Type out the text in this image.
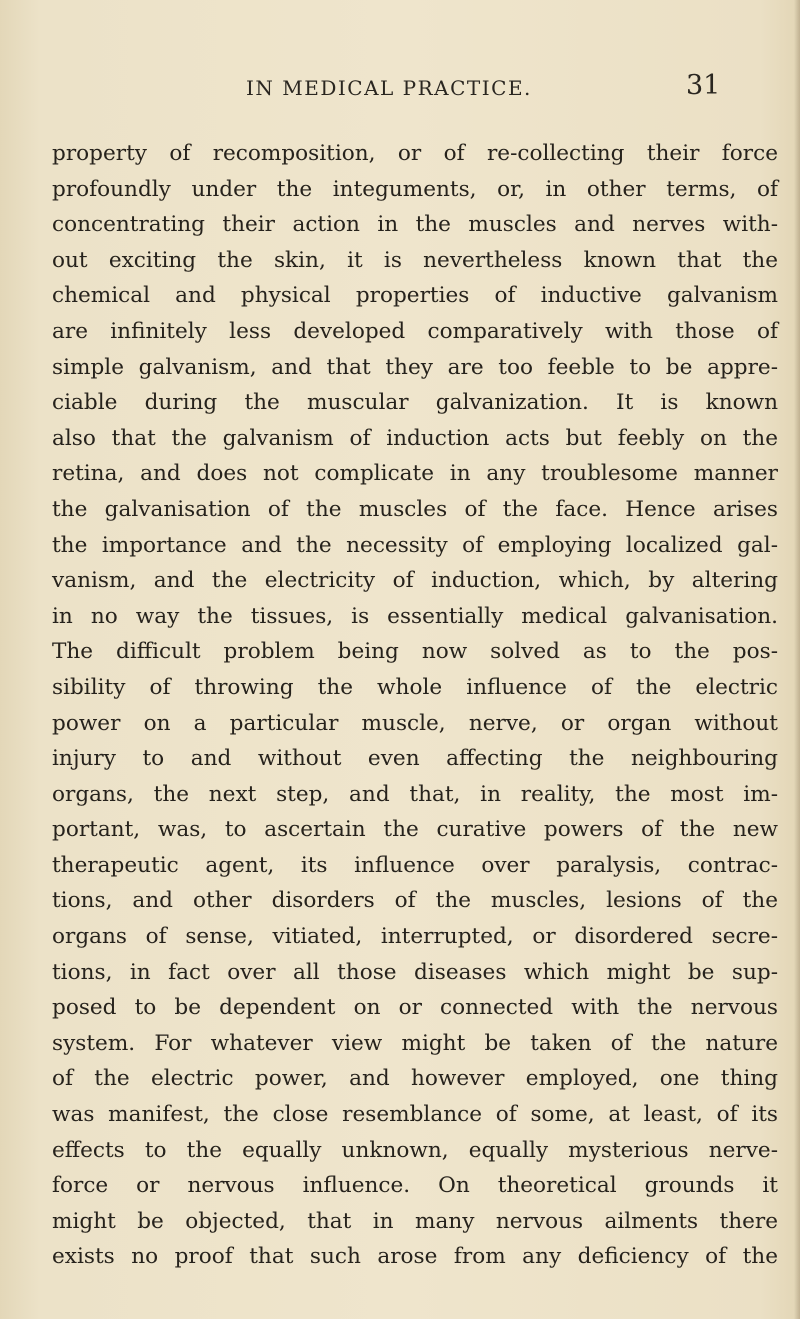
IN MEDICAL PRACTICE.	31
property of recomposition, or of re-collecting their force
profoundly under the integuments, or, in other terms, of
concentrating their action in the muscles and nerves with-
out exciting the skin, it is nevertheless known that the
chemical and physical properties of inductive galvanism
are infinitely less developed comparatively with those of
simple galvanism, and that they are too feeble to be appre-
ciable during the muscular galvanization. It is known
also that the galvanism of induction acts but feebly on the
retina, and does not complicate in any troublesome manner
the galvanisation of the muscles of the face. Hence arises
the importance and the necessity of employing localized gal-
vanism, and the electricity of induction, which, by altering
in no way the tissues, is essentially medical galvanisation.
The difficult problem being now solved as to the pos-
sibility of throwing the whole influence of the electric
power on a particular muscle, nerve, or organ without
injury to and without even affecting the neighbouring
organs, the next step, and that, in reality, the most im-
portant, was, to ascertain the curative powers of the new
therapeutic agent, its influence over paralysis, contrac-
tions, and other disorders of the muscles, lesions of the
organs of sense, vitiated, interrupted, or disordered secre-
tions, in fact over all those diseases which might be sup-
posed to be dependent on or connected with the nervous
system. For whatever view might be taken of the nature
of the electric power, and however employed, one thing
was manifest, the close resemblance of some, at least, of its
effects to the equally unknown, equally mysterious nerve-
force or nervous influence. On theoretical grounds it
might be objected, that in many nervous ailments there
exists no proof that such arose from any deficiency of the
